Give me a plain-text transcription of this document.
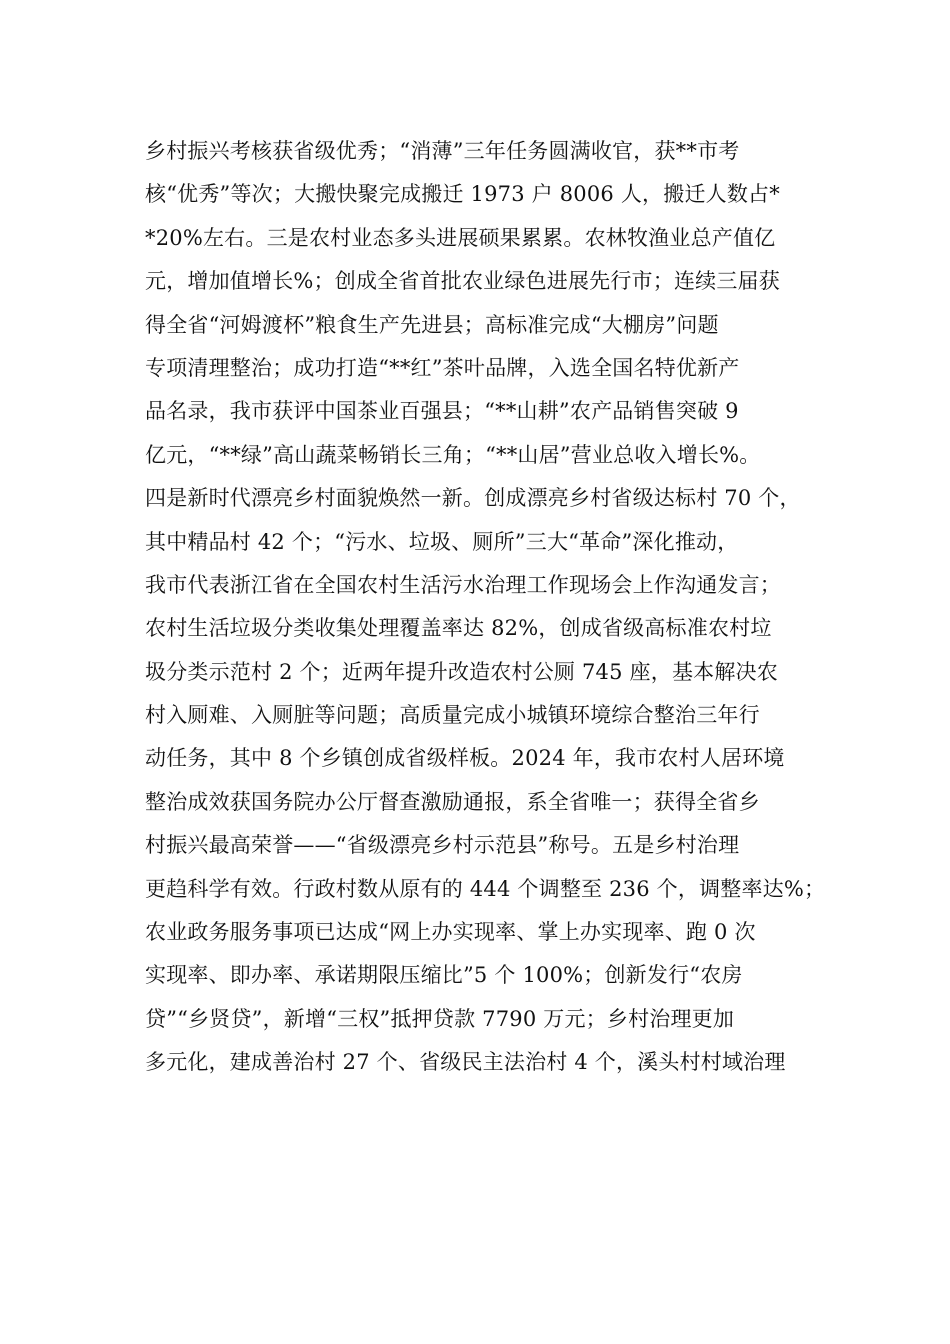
乡村振兴考核获省级优秀；“消薄”三年任务圆满收官，获**市考
核“优秀”等次；大搬快聚完成搬迁 1973 户 8006 人，搬迁人数占*
*20%左右。三是农村业态多头进展硕果累累。农林牧渔业总产值亿
元，增加值增长%；创成全省首批农业绿色进展先行市；连续三届获
得全省“河姆渡杯”粮食生产先进县；高标准完成“大棚房”问题
专项清理整治；成功打造“**红”茶叶品牌，入选全国名特优新产
品名录，我市获评中国茶业百强县；“**山耕”农产品销售突破 9
亿元，“**绿”高山蔬菜畅销长三角；“**山居”营业总收入增长%。
四是新时代漂亮乡村面貌焕然一新。创成漂亮乡村省级达标村 70 个，
其中精品村 42 个；“污水、垃圾、厕所”三大“革命”深化推动，
我市代表浙江省在全国农村生活污水治理工作现场会上作沟通发言；
农村生活垃圾分类收集处理覆盖率达 82%，创成省级高标准农村垃
圾分类示范村 2 个；近两年提升改造农村公厕 745 座，基本解决农
村入厕难、入厕脏等问题；高质量完成小城镇环境综合整治三年行
动任务，其中 8 个乡镇创成省级样板。2024 年，我市农村人居环境
整治成效获国务院办公厅督查激励通报，系全省唯一；获得全省乡
村振兴最高荣誉——“省级漂亮乡村示范县”称号。五是乡村治理
更趋科学有效。行政村数从原有的 444 个调整至 236 个，调整率达%；
农业政务服务事项已达成“网上办实现率、掌上办实现率、跑 0 次
实现率、即办率、承诺期限压缩比”5 个 100%；创新发行“农房
贷”“乡贤贷”，新增“三权”抵押贷款 7790 万元；乡村治理更加
多元化，建成善治村 27 个、省级民主法治村 4 个，溪头村村域治理
